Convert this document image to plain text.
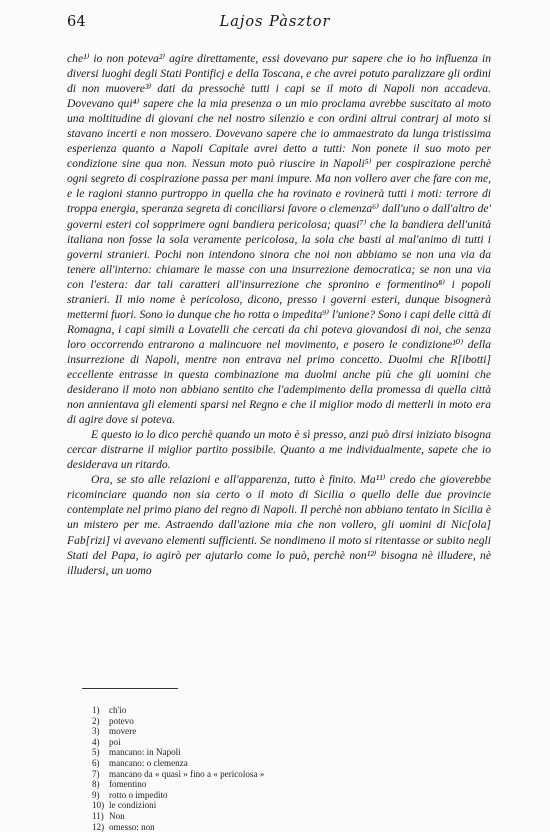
64	Lajos Pàsztor

che¹⁾ io non poteva²⁾ agire direttamente, essi dovevano pur sapere che io ho influenza in diversi luoghi degli Stati Pontificj e della Toscana, e che avrei potuto paralizzare gli ordini di non muovere³⁾ dati da pressochè tutti i capi se il moto di Napoli non accadeva. Dovevano qui⁴⁾ sapere che la mia presenza o un mio proclama avrebbe suscitato al moto una moltitudine di giovani che nel nostro silenzio e con ordini altrui contrarj al moto si stavano incerti e non mossero. Dovevano sapere che io ammaestrato da lunga tristissima esperienza quanto a Napoli Capitale avrei detto a tutti: Non ponete il suo moto per condizione sine qua non. Nessun moto può riuscire in Napoli⁵⁾ per cospirazione perchè ogni segreto di cospirazione passa per mani impure. Ma non vollero aver che fare con me, e le ragioni stanno purtroppo in quella che ha rovinato e rovinerà tutti i moti: terrore di troppa energia, speranza segreta di conciliarsi favore o clemenza⁶⁾ dall'uno o dall'altro de' governi esteri col sopprimere ogni bandiera pericolosa; quasi⁷⁾ che la bandiera dell'unità italiana non fosse la sola veramente pericolosa, la sola che basti al mal'animo di tutti i governi stranieri. Pochi non intendono sinora che noi non abbiamo se non una via da tenere all'interno: chiamare le masse con una insurrezione democratica; se non una via con l'estera: dar tali caratteri all'insurrezione che spronino e formentino⁸⁾ i popoli stranieri. Il mio nome è pericoloso, dicono, presso i governi esteri, dunque bisognerà mettermi fuori. Sono io dunque che ho rotta o impedita⁹⁾ l'unione? Sono i capi delle città di Romagna, i capi simili a Lovatelli che cercati da chi poteva giovandosi di noi, che senza loro occorrendo entrarono a malincuore nel movimento, e posero le condizione¹⁰⁾ della insurrezione di Napoli, mentre non entrava nel primo concetto. Duolmi che R[ibotti] eccellente entrasse in questa combinazione ma duolmi anche più che gli uomini che desiderano il moto non abbiano sentito che l'adempimento della promessa di quella città non annientava gli elementi sparsi nel Regno e che il miglior modo di metterli in moto era di agire dove si poteva.

E questo io lo dico perchè quando un moto è sì presso, anzi può dirsi iniziato bisogna cercar distrarne il miglior partito possibile. Quanto a me individualmente, sapete che io desiderava un ritardo.

Ora, se sto alle relazioni e all'apparenza, tutto è finito. Ma¹¹⁾ credo che gioverebbe ricominciare quando non sia certo o il moto di Sicilia o quello delle due provincie contemplate nel primo piano del regno di Napoli. Il perchè non abbiano tentato in Sicilia è un mistero per me. Astraendo dall'azione mia che non vollero, gli uomini di Nic[ola] Fab[rizi] vi avevano elementi sufficienti. Se nondimeno il moto si ritentasse or subito negli Stati del Papa, io agirò per ajutarlo come lo può, perchè non¹²⁾ bisogna nè illudere, nè illudersi, un uomo

1) ch'io
2) potevo
3) movere
4) poi
5) mancano: in Napoli
6) mancano: o clemenza
7) mancano da « quasi » fino a « pericolosa »
8) fomentino
9) rotto o impedito
10) le condizioni
11) Non
12) omesso: non
